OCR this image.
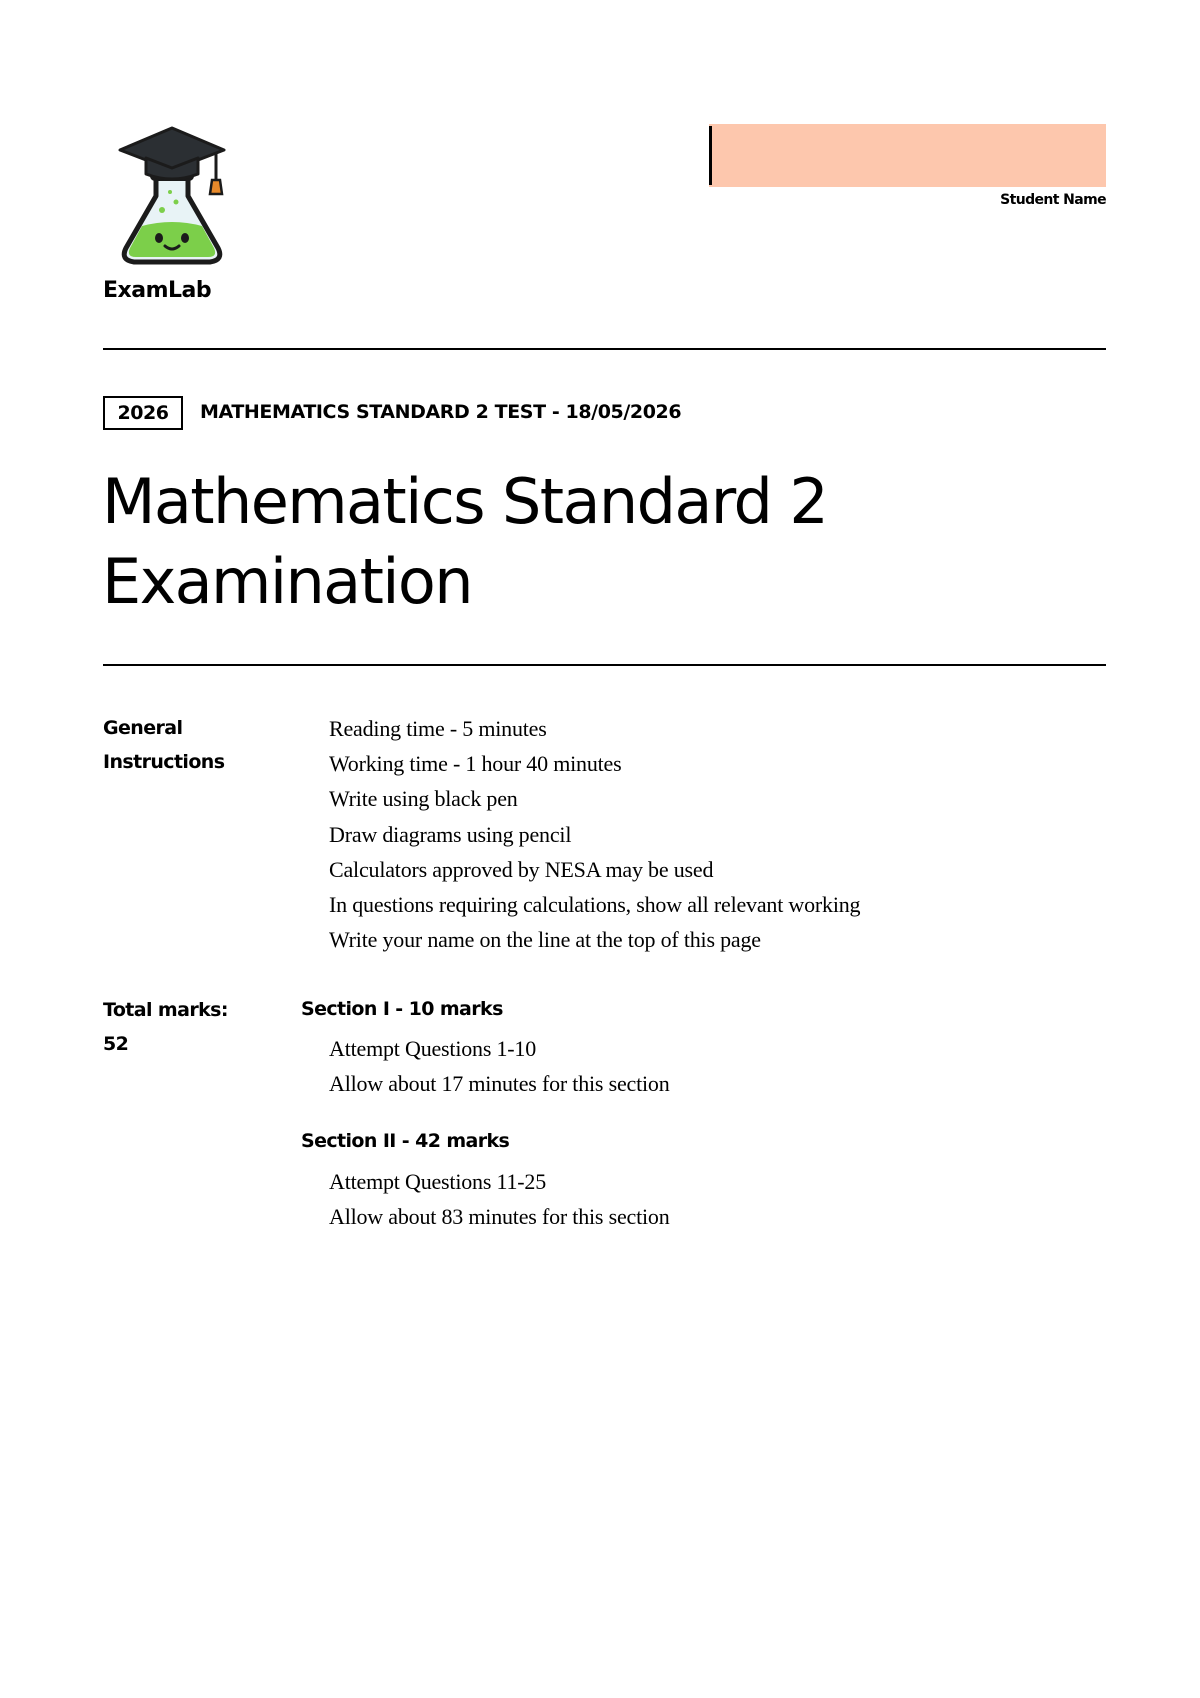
ExamLab
Student Name
2026	MATHEMATICS STANDARD 2 TEST - 18/05/2026
Mathematics Standard 2
Examination
General
Instructions
Reading time - 5 minutes
Working time - 1 hour 40 minutes
Write using black pen
Draw diagrams using pencil
Calculators approved by NESA may be used
In questions requiring calculations, show all relevant working
Write your name on the line at the top of this page
Total marks:
52
Section I - 10 marks
Attempt Questions 1-10
Allow about 17 minutes for this section
Section II - 42 marks
Attempt Questions 11-25
Allow about 83 minutes for this section
